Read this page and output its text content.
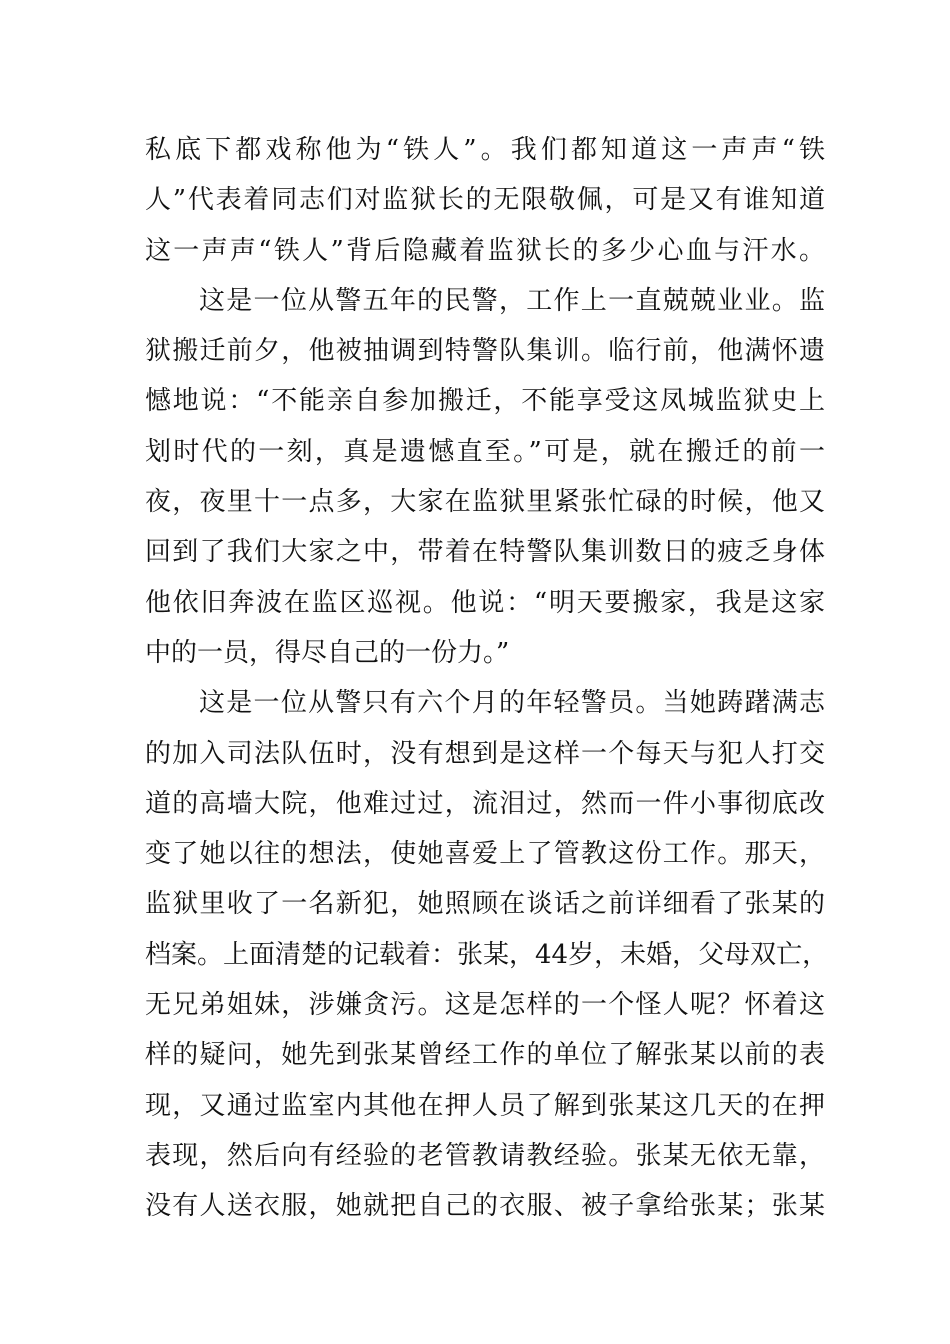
私底下都戏称他为“铁人”。我们都知道这一声声“铁
人”代表着同志们对监狱长的无限敬佩，可是又有谁知道
这一声声“铁人”背后隐藏着监狱长的多少心血与汗水。
这是一位从警五年的民警，工作上一直兢兢业业。监
狱搬迁前夕，他被抽调到特警队集训。临行前，他满怀遗
憾地说：“不能亲自参加搬迁，不能享受这凤城监狱史上
划时代的一刻，真是遗憾直至。”可是，就在搬迁的前一
夜，夜里十一点多，大家在监狱里紧张忙碌的时候，他又
回到了我们大家之中，带着在特警队集训数日的疲乏身体
他依旧奔波在监区巡视。他说：“明天要搬家，我是这家
中的一员，得尽自己的一份力。”
这是一位从警只有六个月的年轻警员。当她踌躇满志
的加入司法队伍时，没有想到是这样一个每天与犯人打交
道的高墙大院，他难过过，流泪过，然而一件小事彻底改
变了她以往的想法，使她喜爱上了管教这份工作。那天，
监狱里收了一名新犯，她照顾在谈话之前详细看了张某的
档案。上面清楚的记载着：张某，44岁，未婚，父母双亡，
无兄弟姐妹，涉嫌贪污。这是怎样的一个怪人呢？怀着这
样的疑问，她先到张某曾经工作的单位了解张某以前的表
现，又通过监室内其他在押人员了解到张某这几天的在押
表现，然后向有经验的老管教请教经验。张某无依无靠，
没有人送衣服，她就把自己的衣服、被子拿给张某；张某
